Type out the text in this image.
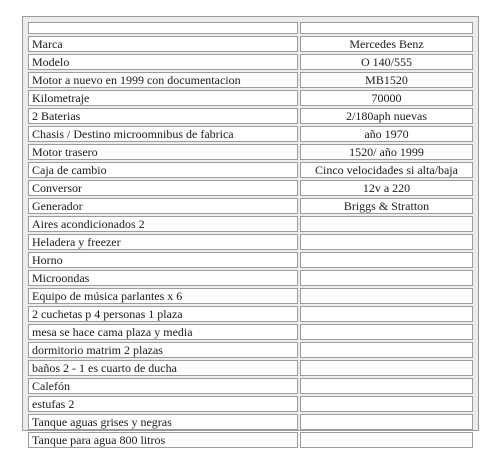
Marca	Mercedes Benz
Modelo	O 140/555
Motor a nuevo en 1999 con documentacion	MB1520
Kilometraje	70000
2 Baterias	2/180aph nuevas
Chasis / Destino microomnibus de fabrica	año 1970
Motor trasero	1520/ año 1999
Caja de cambio	Cinco velocidades si alta/baja
Conversor	12v a 220
Generador	Briggs & Stratton
Aires acondicionados 2	
Heladera y freezer	
Horno	
Microondas	
Equipo de música parlantes x 6	
2 cuchetas p 4 personas 1 plaza	
mesa se hace cama plaza y media	
dormitorio matrim 2 plazas	
baños 2 - 1 es cuarto de ducha	
Calefón	
estufas 2	
Tanque aguas grises y negras	
Tanque para agua 800 litros	
